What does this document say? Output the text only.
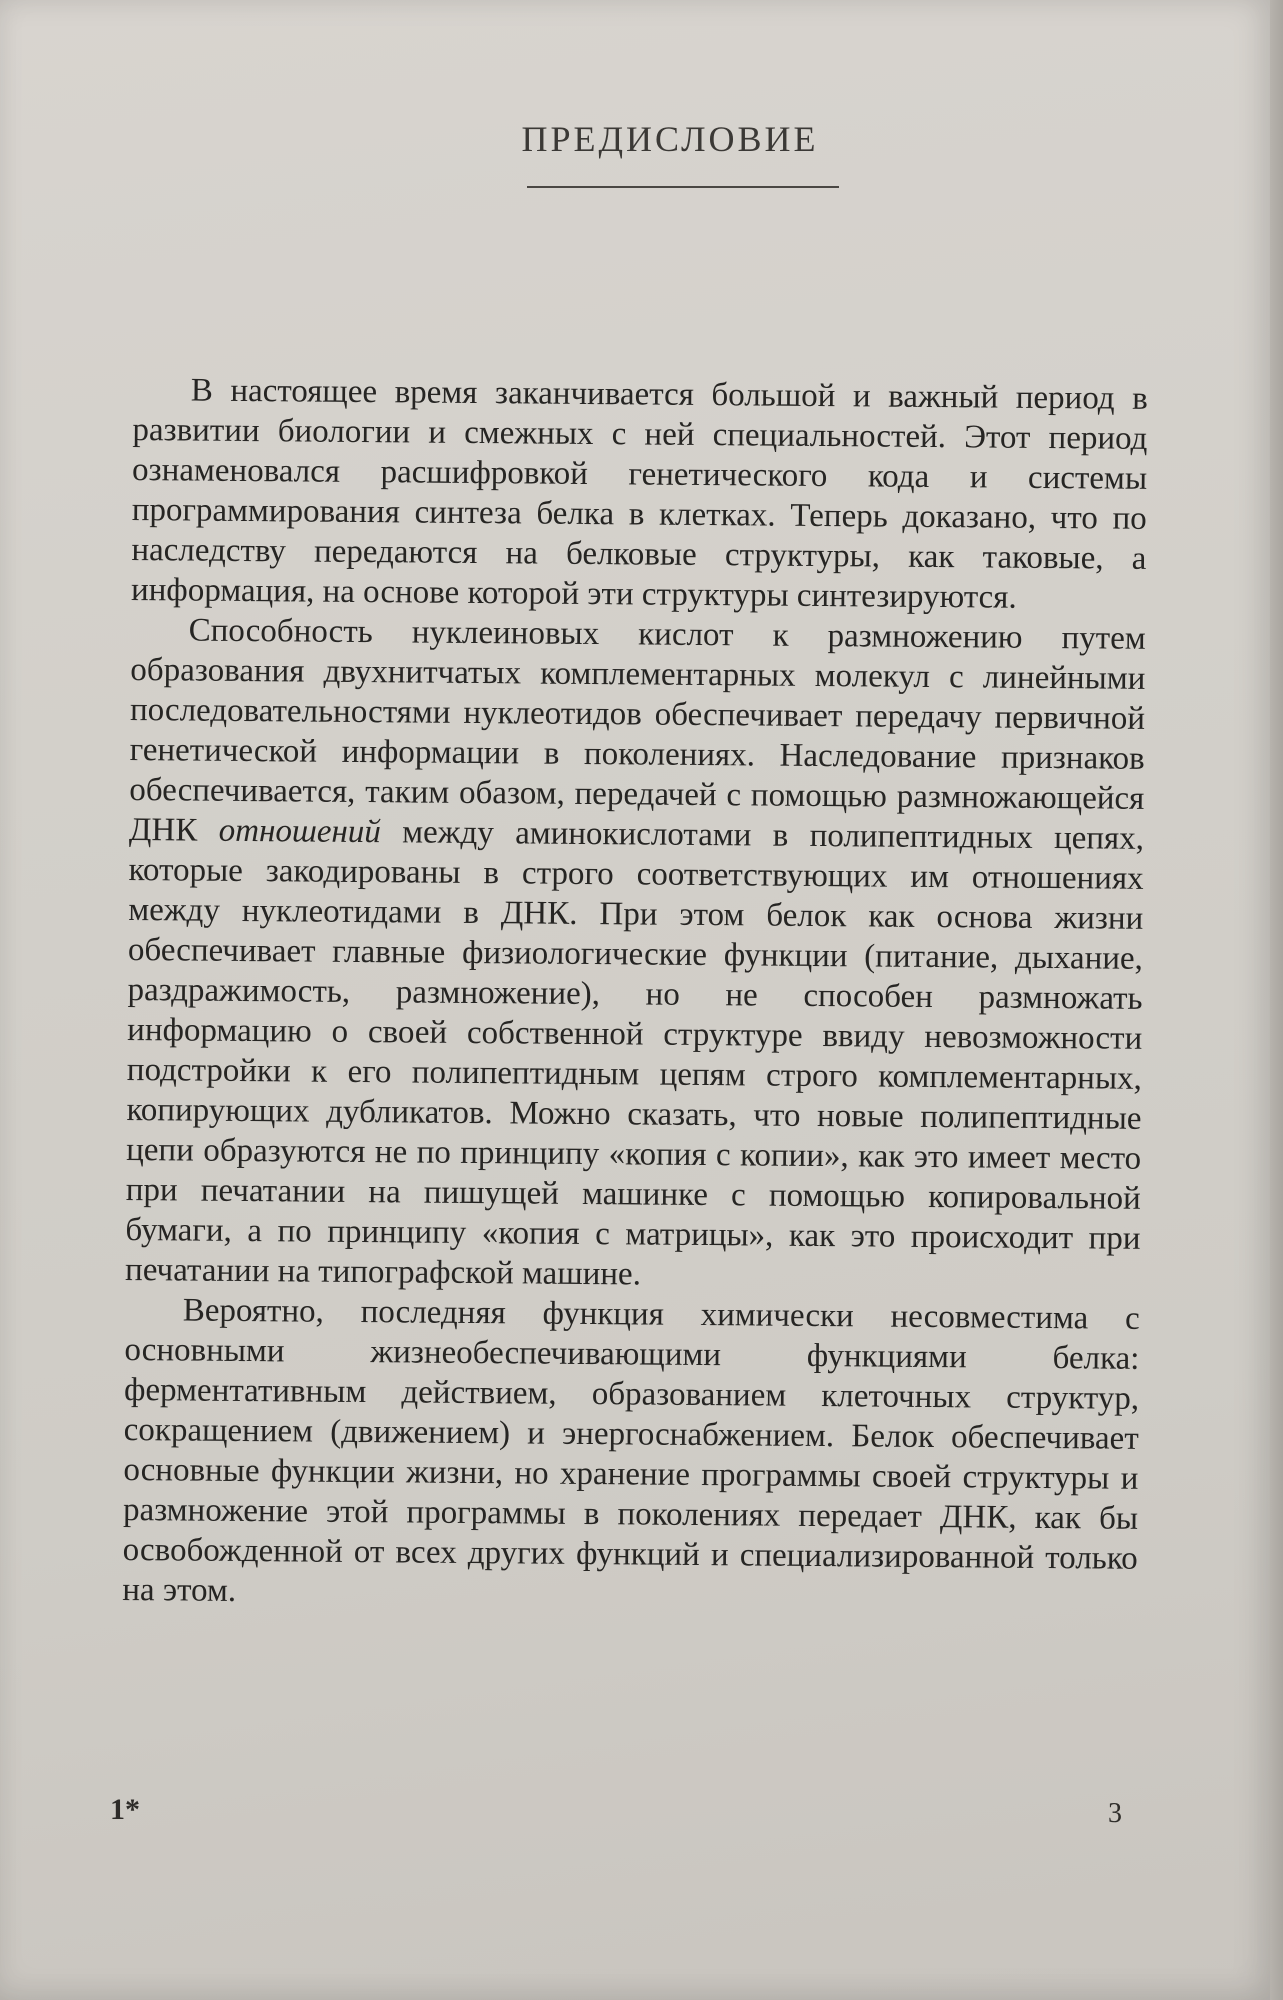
ПРЕДИСЛОВИЕ

В настоящее время заканчивается большой и важный период в развитии биологии и смежных с ней специальностей. Этот период ознаменовался расшифровкой генетического кода и системы программирования синтеза белка в клетках. Теперь доказано, что по наследству передаются на белковые структуры, как таковые, а информация, на основе которой эти структуры синтезируются.

Способность нуклеиновых кислот к размножению путем образования двухнитчатых комплементарных молекул с линейными последовательностями нуклеотидов обеспечивает передачу первичной генетической информации в поколениях. Наследование признаков обеспечивается, таким обазом, передачей с помощью размножающейся ДНК отношений между аминокислотами в полипептидных цепях, которые закодированы в строго соответствующих им отношениях между нуклеотидами в ДНК. При этом белок как основа жизни обеспечивает главные физиологические функции (питание, дыхание, раздражимость, размножение), но не способен размножать информацию о своей собственной структуре ввиду невозможности подстройки к его полипептидным цепям строго комплементарных, копирующих дубликатов. Можно сказать, что новые полипептидные цепи образуются не по принципу «копия с копии», как это имеет место при печатании на пишущей машинке с помощью копировальной бумаги, а по принципу «копия с матрицы», как это происходит при печатании на типографской машине.

Вероятно, последняя функция химически несовместима с основными жизнеобеспечивающими функциями белка: ферментативным действием, образованием клеточных структур, сокращением (движением) и энергоснабжением. Белок обеспечивает основные функции жизни, но хранение программы своей структуры и размножение этой программы в поколениях передает ДНК, как бы освобожденной от всех других функций и специализированной только на этом.

1*	3
